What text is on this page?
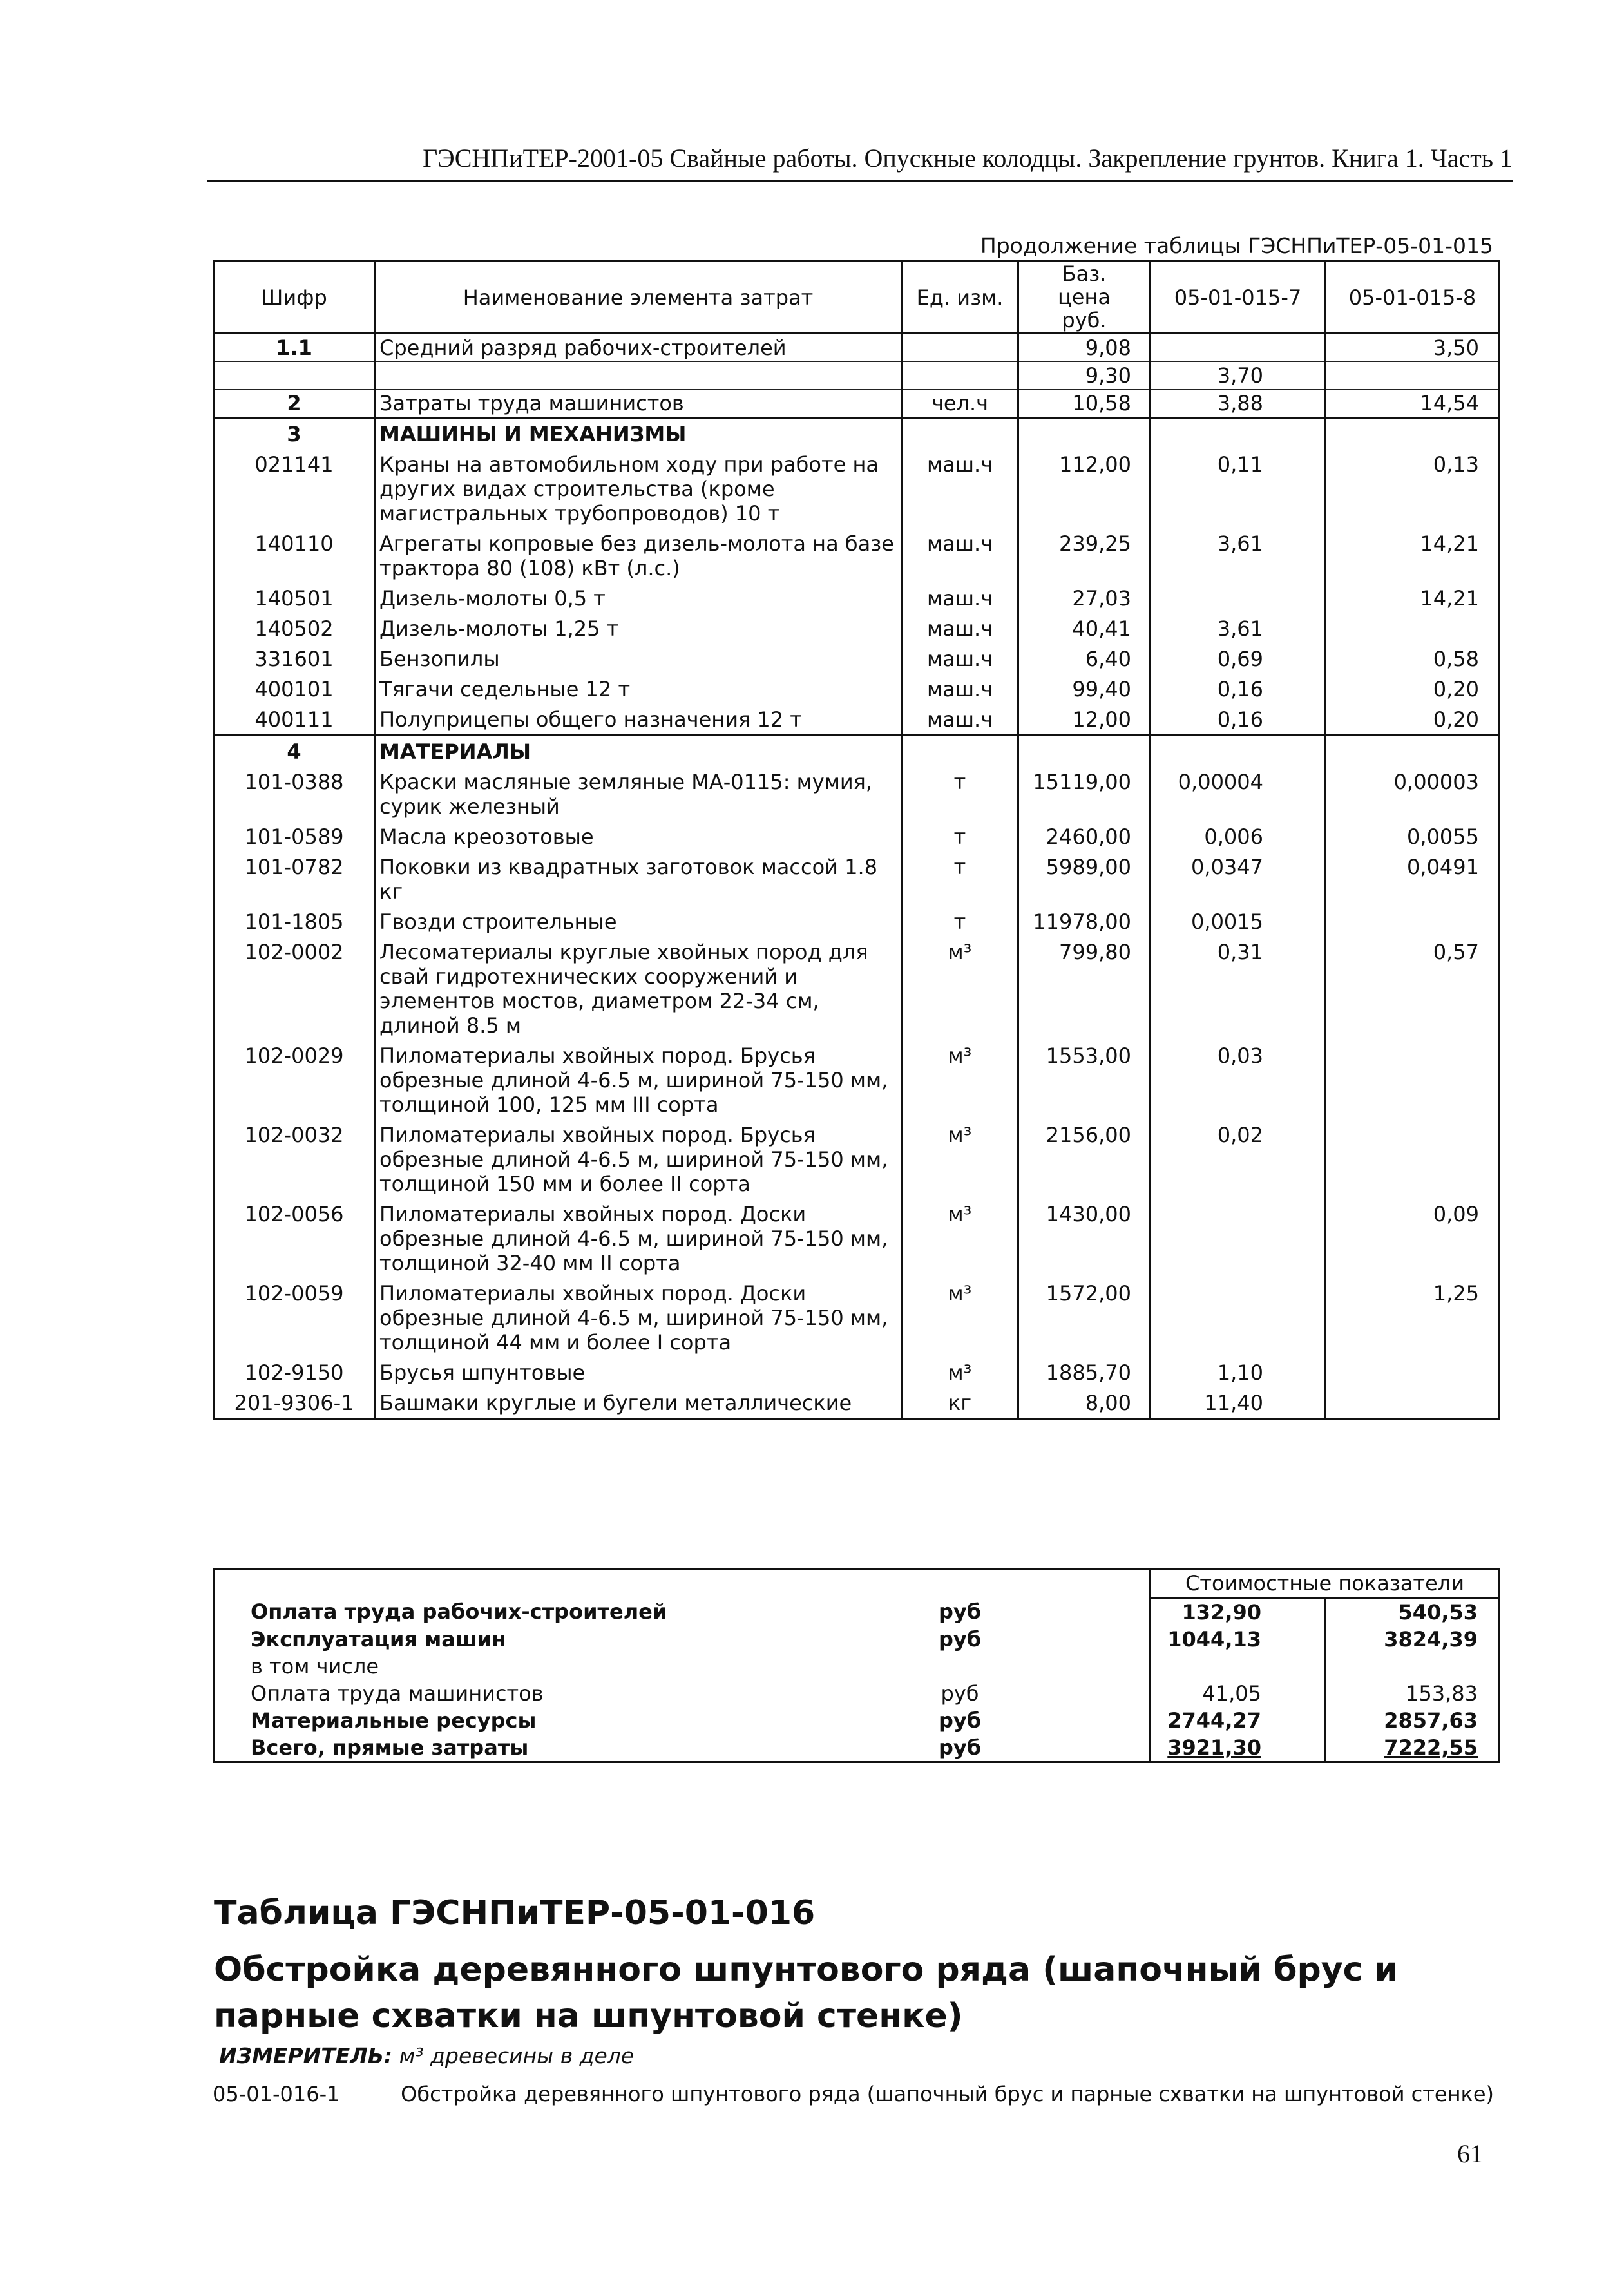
ГЭСНПиТЕР-2001-05 Свайные работы. Опускные колодцы. Закрепление грунтов. Книга 1. Часть 1
Продолжение таблицы ГЭСНПиТЕР-05-01-015
Шифр	Наименование элемента затрат	Ед. изм.	Баз. цена руб.	05-01-015-7	05-01-015-8
1.1	Средний разряд рабочих-строителей		9,08		3,50
			9,30	3,70	
2	Затраты труда машинистов	чел.ч	10,58	3,88	14,54
3	МАШИНЫ И МЕХАНИЗМЫ				
021141	Краны на автомобильном ходу при работе на других видах строительства (кроме магистральных трубопроводов) 10 т	маш.ч	112,00	0,11	0,13
140110	Агрегаты копровые без дизель-молота на базе трактора 80 (108) кВт (л.с.)	маш.ч	239,25	3,61	14,21
140501	Дизель-молоты 0,5 т	маш.ч	27,03		14,21
140502	Дизель-молоты 1,25 т	маш.ч	40,41	3,61	
331601	Бензопилы	маш.ч	6,40	0,69	0,58
400101	Тягачи седельные 12 т	маш.ч	99,40	0,16	0,20
400111	Полуприцепы общего назначения 12 т	маш.ч	12,00	0,16	0,20
4	МАТЕРИАЛЫ				
101-0388	Краски масляные земляные МА-0115: мумия, сурик железный	т	15119,00	0,00004	0,00003
101-0589	Масла креозотовые	т	2460,00	0,006	0,0055
101-0782	Поковки из квадратных заготовок массой 1.8 кг	т	5989,00	0,0347	0,0491
101-1805	Гвозди строительные	т	11978,00	0,0015	
102-0002	Лесоматериалы круглые хвойных пород для свай гидротехнических сооружений и элементов мостов, диаметром 22-34 см, длиной 8.5 м	м³	799,80	0,31	0,57
102-0029	Пиломатериалы хвойных пород. Брусья обрезные длиной 4-6.5 м, шириной 75-150 мм, толщиной 100, 125 мм III сорта	м³	1553,00	0,03	
102-0032	Пиломатериалы хвойных пород. Брусья обрезные длиной 4-6.5 м, шириной 75-150 мм, толщиной 150 мм и более II сорта	м³	2156,00	0,02	
102-0056	Пиломатериалы хвойных пород. Доски обрезные длиной 4-6.5 м, шириной 75-150 мм, толщиной 32-40 мм II сорта	м³	1430,00		0,09
102-0059	Пиломатериалы хвойных пород. Доски обрезные длиной 4-6.5 м, шириной 75-150 мм, толщиной 44 мм и более I сорта	м³	1572,00		1,25
102-9150	Брусья шпунтовые	м³	1885,70	1,10	
201-9306-1	Башмаки круглые и бугели металлические	кг	8,00	11,40	
			Стоимостные показатели	
Оплата труда рабочих-строителей	руб		132,90	540,53
Эксплуатация машин	руб		1044,13	3824,39
в том числе				
Оплата труда машинистов	руб		41,05	153,83
Материальные ресурсы	руб		2744,27	2857,63
Всего, прямые затраты	руб		3921,30	7222,55
Таблица ГЭСНПиТЕР-05-01-016
Обстройка деревянного шпунтового ряда (шапочный брус и парные схватки на шпунтовой стенке)
ИЗМЕРИТЕЛЬ: м³ древесины в деле
05-01-016-1	Обстройка деревянного шпунтового ряда (шапочный брус и парные схватки на шпунтовой стенке)
61
